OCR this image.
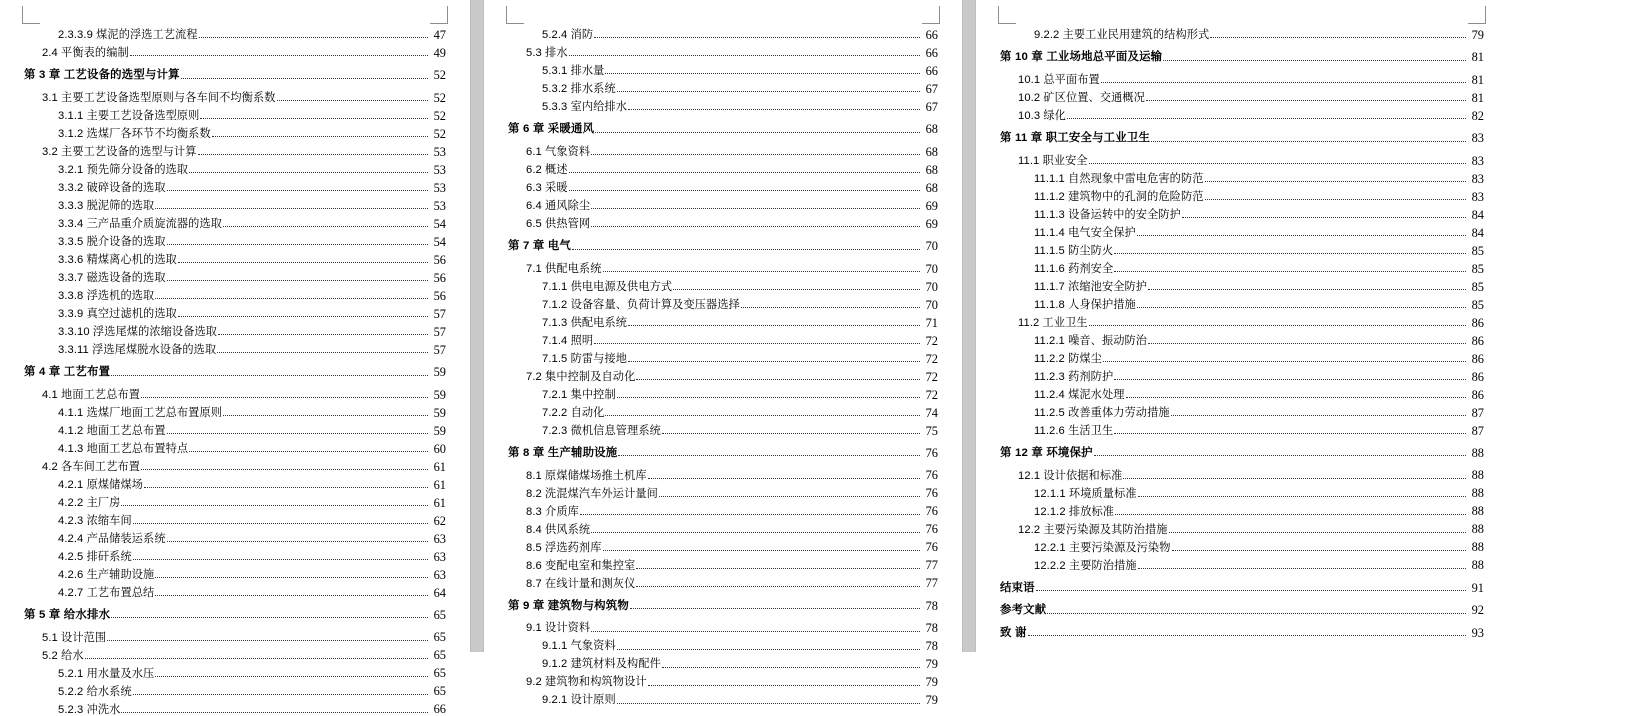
2.3.3.9 煤泥的浮选工艺流程	47
2.4 平衡表的编制	49
第 3 章 工艺设备的选型与计算	52
3.1 主要工艺设备选型原则与各车间不均衡系数	52
3.1.1 主要工艺设备选型原则	52
3.1.2 选煤厂各环节不均衡系数	52
3.2 主要工艺设备的选型与计算	53
3.2.1 预先筛分设备的选取	53
3.3.2 破碎设备的选取	53
3.3.3 脱泥筛的选取	53
3.3.4 三产品重介质旋流器的选取	54
3.3.5 脱介设备的选取	54
3.3.6 精煤离心机的选取	56
3.3.7 磁选设备的选取	56
3.3.8 浮选机的选取	56
3.3.9 真空过滤机的选取	57
3.3.10 浮选尾煤的浓缩设备选取	57
3.3.11 浮选尾煤脱水设备的选取	57
第 4 章 工艺布置	59
4.1 地面工艺总布置	59
4.1.1 选煤厂地面工艺总布置原则	59
4.1.2 地面工艺总布置	59
4.1.3 地面工艺总布置特点	60
4.2 各车间工艺布置	61
4.2.1 原煤储煤场	61
4.2.2 主厂房	61
4.2.3 浓缩车间	62
4.2.4 产品储装运系统	63
4.2.5 排矸系统	63
4.2.6 生产辅助设施	63
4.2.7 工艺布置总结	64
第 5 章 给水排水	65
5.1 设计范围	65
5.2 给水	65
5.2.1 用水量及水压	65
5.2.2 给水系统	65
5.2.3 冲洗水	66
5.2.4 消防	66
5.3 排水	66
5.3.1 排水量	66
5.3.2 排水系统	67
5.3.3 室内给排水	67
第 6 章 采暖通风	68
6.1 气象资料	68
6.2 概述	68
6.3 采暖	68
6.4 通风除尘	69
6.5 供热管网	69
第 7 章 电气	70
7.1 供配电系统	70
7.1.1 供电电源及供电方式	70
7.1.2 设备容量、负荷计算及变压器选择	70
7.1.3 供配电系统	71
7.1.4 照明	72
7.1.5 防雷与接地	72
7.2 集中控制及自动化	72
7.2.1 集中控制	72
7.2.2 自动化	74
7.2.3 微机信息管理系统	75
第 8 章 生产辅助设施	76
8.1 原煤储煤场推土机库	76
8.2 洗混煤汽车外运计量间	76
8.3 介质库	76
8.4 供风系统	76
8.5 浮选药剂库	76
8.6 变配电室和集控室	77
8.7 在线计量和测灰仪	77
第 9 章 建筑物与构筑物	78
9.1 设计资料	78
9.1.1 气象资料	78
9.1.2 建筑材料及构配件	79
9.2 建筑物和构筑物设计	79
9.2.1 设计原则	79
9.2.2 主要工业民用建筑的结构形式	79
第 10 章 工业场地总平面及运输	81
10.1 总平面布置	81
10.2 矿区位置、交通概况	81
10.3 绿化	82
第 11 章 职工安全与工业卫生	83
11.1 职业安全	83
11.1.1 自然现象中雷电危害的防范	83
11.1.2 建筑物中的孔洞的危险防范	83
11.1.3 设备运转中的安全防护	84
11.1.4 电气安全保护	84
11.1.5 防尘防火	85
11.1.6 药剂安全	85
11.1.7 浓缩池安全防护	85
11.1.8 人身保护措施	85
11.2 工业卫生	86
11.2.1 噪音、振动防治	86
11.2.2 防煤尘	86
11.2.3 药剂防护	86
11.2.4 煤泥水处理	86
11.2.5 改善重体力劳动措施	87
11.2.6 生活卫生	87
第 12 章 环境保护	88
12.1 设计依据和标准	88
12.1.1 环境质量标准	88
12.1.2 排放标准	88
12.2 主要污染源及其防治措施	88
12.2.1 主要污染源及污染物	88
12.2.2 主要防治措施	88
结束语	91
参考文献	92
致 谢	93
